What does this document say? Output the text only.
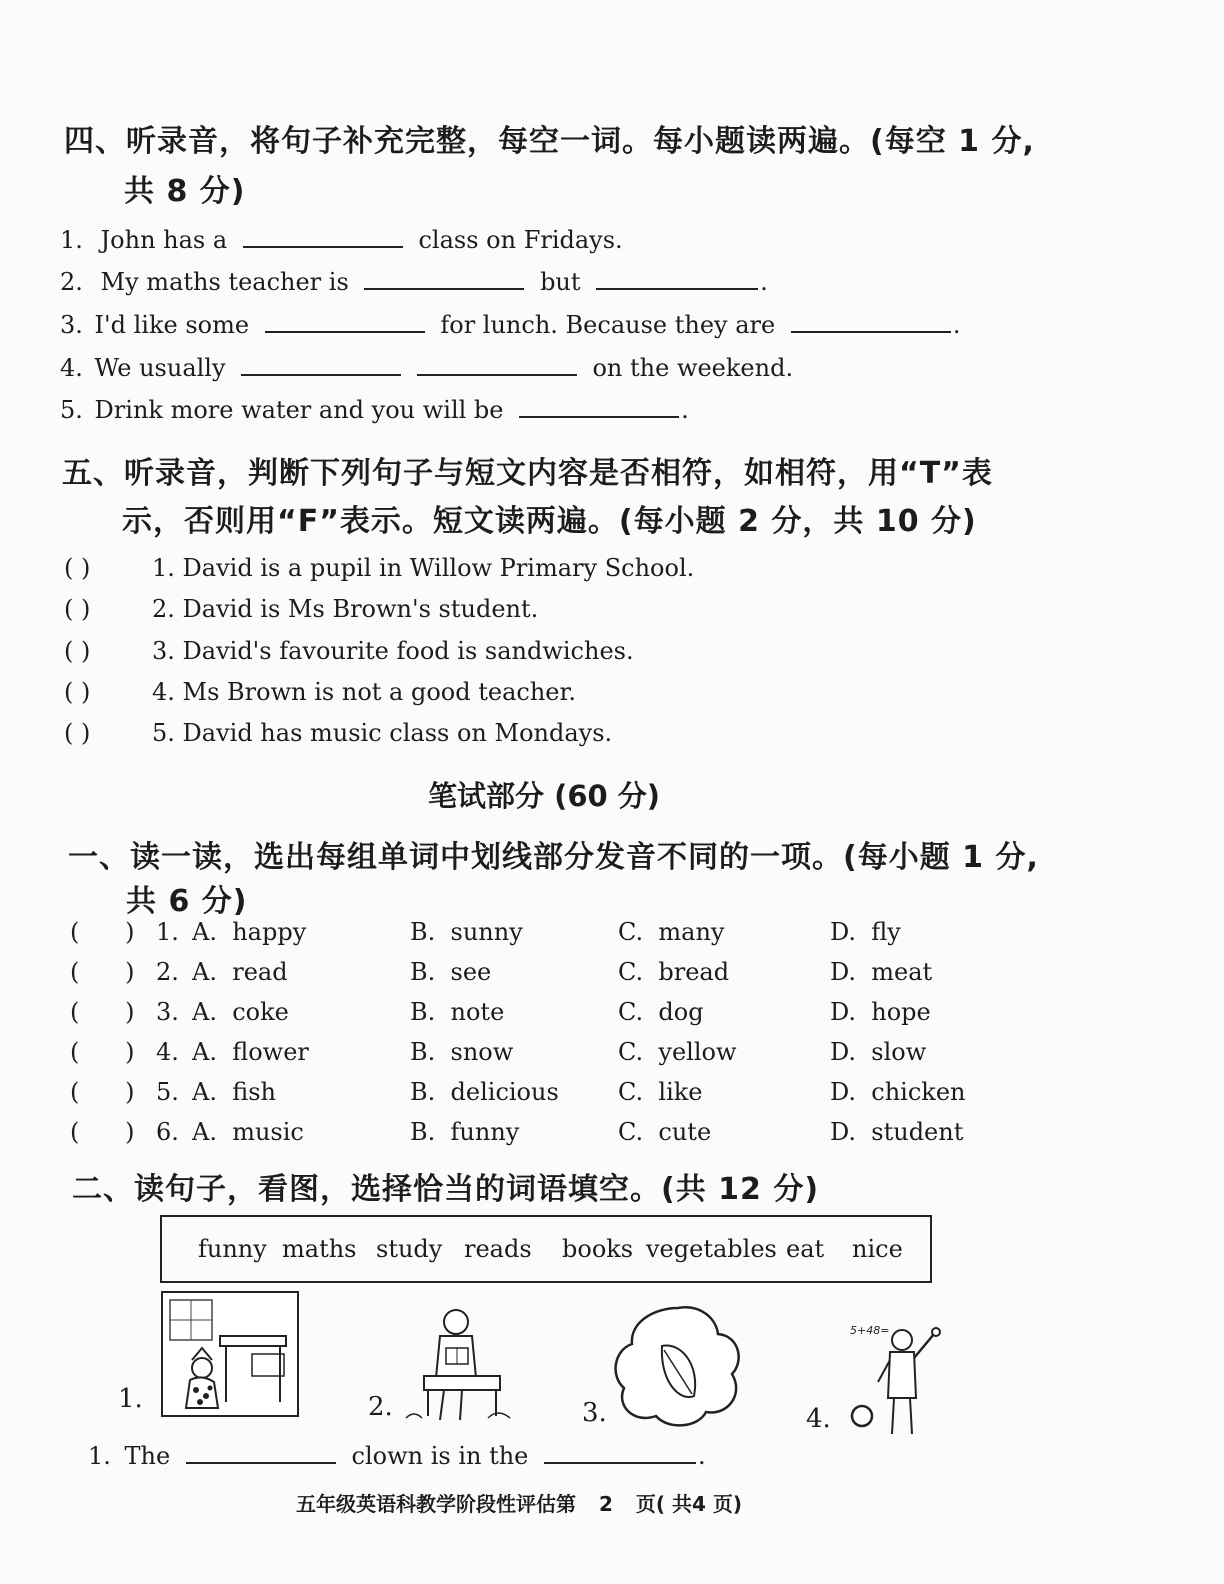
四、听录音，将句子补充完整，每空一词。每小题读两遍。(每空 1 分,
共 8 分)
1. John has a	class on Fridays.
2. My maths teacher is	but	.
3. I'd like some	for lunch. Because they are	.
4. We usually	on the weekend.
5. Drink more water and you will be	.
五、听录音，判断下列句子与短文内容是否相符，如相符，用“T”表
示，否则用“F”表示。短文读两遍。(每小题 2 分，共 10 分)
( )	1. David is a pupil in Willow Primary School.
( )	2. David is Ms Brown's student.
( )	3. David's favourite food is sandwiches.
( )	4. Ms Brown is not a good teacher.
( )	5. David has music class on Mondays.
笔试部分 (60 分)
一、读一读，选出每组单词中划线部分发音不同的一项。(每小题 1 分,
共 6 分)
(      ) 1. A.  happy	B.  sunny	C.  many	D.  fly
(      ) 2. A.  read	B.  see	C.  bread	D.  meat
(      ) 3. A.  coke	B.  note	C.  dog	D.  hope
(      ) 4. A.  flower	B.  snow	C.  yellow	D.  slow
(      ) 5. A.  fish	B.  delicious C.  like	D.  chicken
(      ) 6. A.  music	B.  funny	C.  cute	D.  student
二、读句子，看图，选择恰当的词语填空。(共 12 分)
funny maths study reads books vegetables eat nice
1.	2.	3.	4.
5+48=
1. The	clown is in the	.
五年级英语科教学阶段性评估第 2 页( 共4 页)
